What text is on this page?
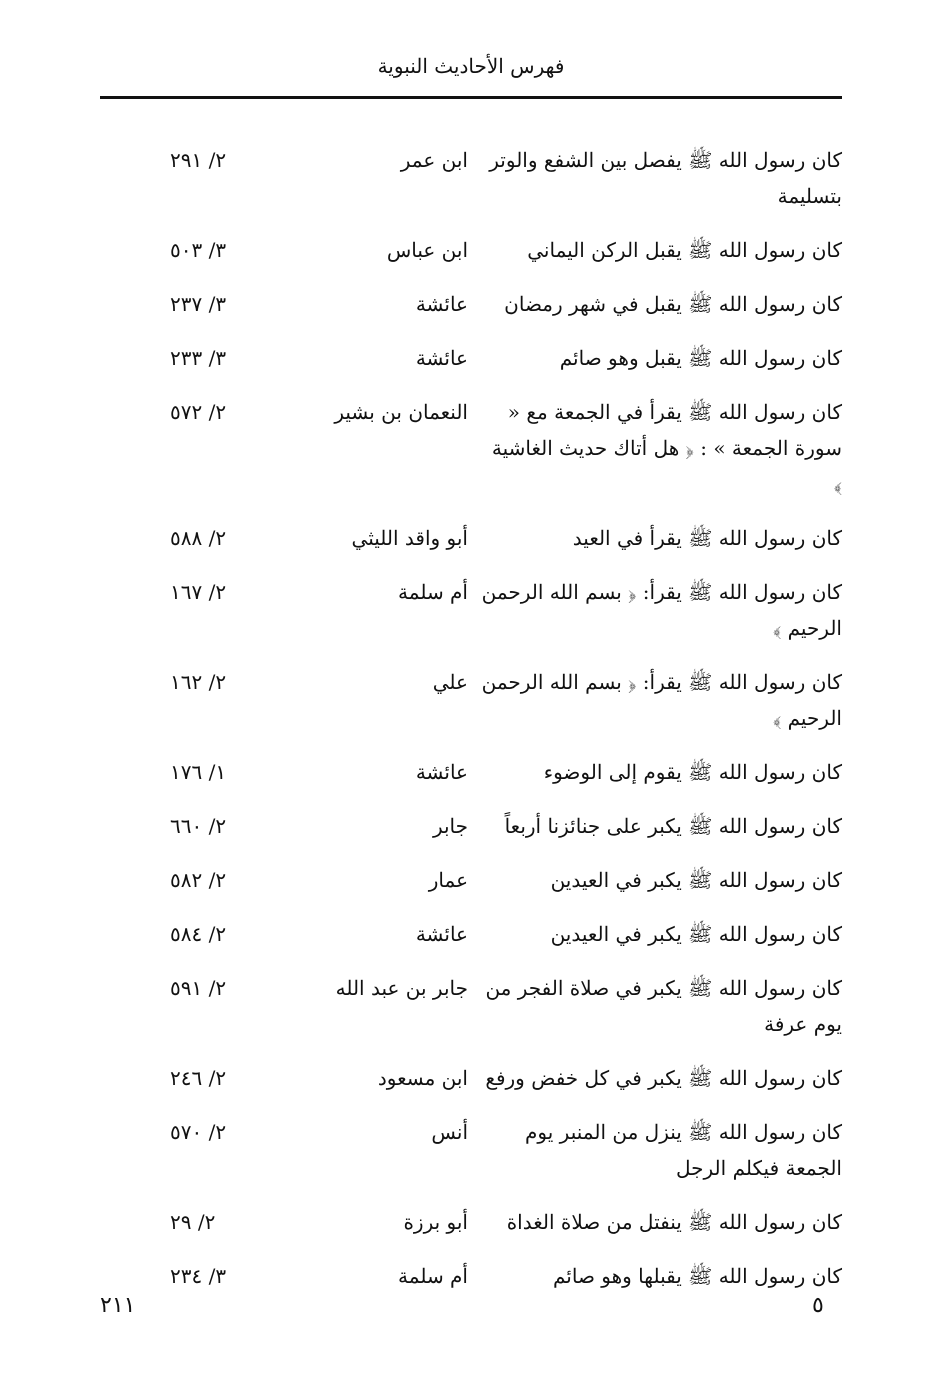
فهرس الأحاديث النبوية
كان رسول الله ﷺ يفصل بين الشفع والوتر بتسليمة
ابن عمر
٢/ ٢٩١
كان رسول الله ﷺ يقبل الركن اليماني
ابن عباس
٣/ ٥٠٣
كان رسول الله ﷺ يقبل في شهر رمضان
عائشة
٣/ ٢٣٧
كان رسول الله ﷺ يقبل وهو صائم
عائشة
٣/ ٢٣٣
كان رسول الله ﷺ يقرأ في الجمعة مع « سورة الجمعة » : ﴿ هل أتاك حديث الغاشية ﴾
النعمان بن بشير
٢/ ٥٧٢
كان رسول الله ﷺ يقرأ في العيد
أبو واقد الليثي
٢/ ٥٨٨
كان رسول الله ﷺ يقرأ: ﴿ بسم الله الرحمن الرحيم ﴾
أم سلمة
٢/ ١٦٧
كان رسول الله ﷺ يقرأ: ﴿ بسم الله الرحمن الرحيم ﴾
علي
٢/ ١٦٢
كان رسول الله ﷺ يقوم إلى الوضوء
عائشة
١/ ١٧٦
كان رسول الله ﷺ يكبر على جنائزنا أربعاً
جابر
٢/ ٦٦٠
كان رسول الله ﷺ يكبر في العيدين
عمار
٢/ ٥٨٢
كان رسول الله ﷺ يكبر في العيدين
عائشة
٢/ ٥٨٤
كان رسول الله ﷺ يكبر في صلاة الفجر من يوم عرفة
جابر بن عبد الله
٢/ ٥٩١
كان رسول الله ﷺ يكبر في كل خفض ورفع
ابن مسعود
٢/ ٢٤٦
كان رسول الله ﷺ ينزل من المنبر يوم الجمعة فيكلم الرجل
أنس
٢/ ٥٧٠
كان رسول الله ﷺ ينفتل من صلاة الغداة
أبو برزة
٢/ ٢٩
كان رسول الله ﷺ يقبلها وهو صائم
أم سلمة
٣/ ٢٣٤
٢١١	٥
